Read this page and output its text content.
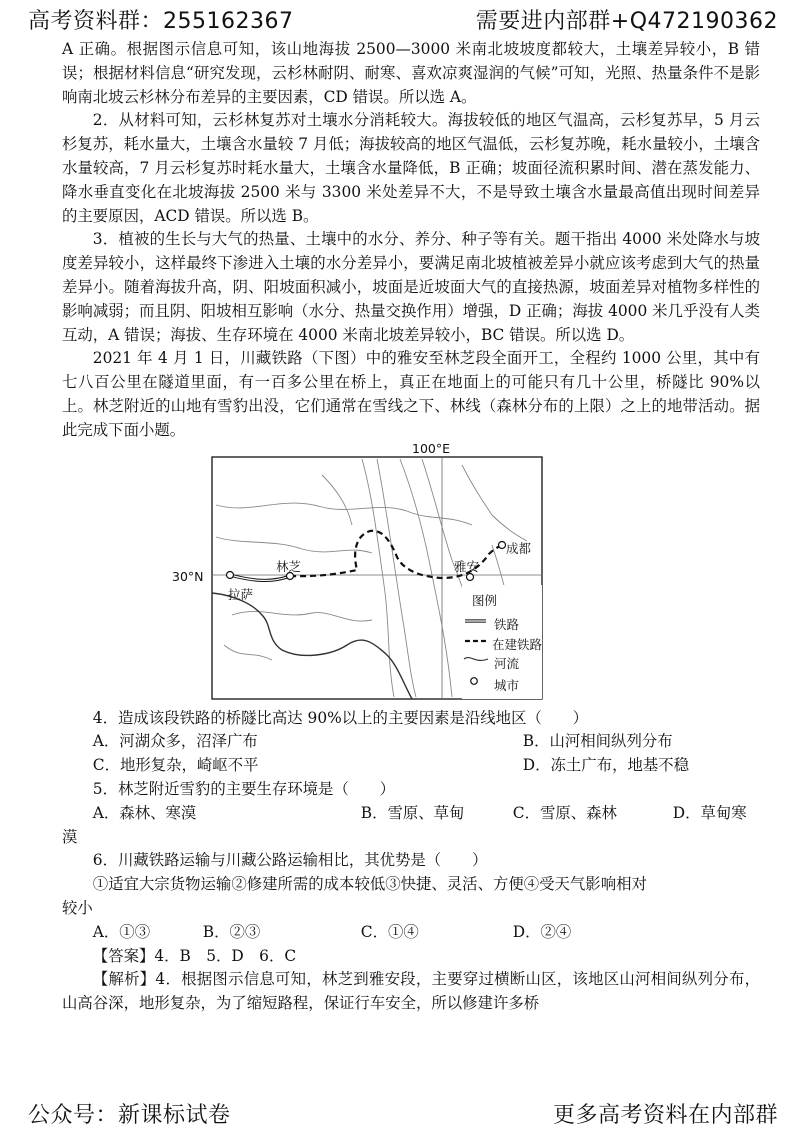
高考资料群：255162367	需要进内部群+Q472190362

A 正确。根据图示信息可知，该山地海拔 2500—3000 米南北坡坡度都较大，土壤差异较小，B 错误；根据材料信息“研究发现，云杉林耐阴、耐寒、喜欢凉爽湿润的气候”可知，光照、热量条件不是影响南北坡云杉林分布差异的主要因素，CD 错误。所以选 A。

2．从材料可知，云杉林复苏对土壤水分消耗较大。海拔较低的地区气温高，云杉复苏早，5 月云杉复苏，耗水量大，土壤含水量较 7 月低；海拔较高的地区气温低，云杉复苏晚，耗水量较小，土壤含水量较高，7 月云杉复苏时耗水量大，土壤含水量降低，B 正确；坡面径流积累时间、潜在蒸发能力、降水垂直变化在北坡海拔 2500 米与 3300 米处差异不大，不是导致土壤含水量最高值出现时间差异的主要原因，ACD 错误。所以选 B。

3．植被的生长与大气的热量、土壤中的水分、养分、种子等有关。题干指出 4000 米处降水与坡度差异较小，这样最终下渗进入土壤的水分差异小，要满足南北坡植被差异小就应该考虑到大气的热量差异小。随着海拔升高，阴、阳坡面积减小，坡面是近坡面大气的直接热源，坡面差异对植物多样性的影响减弱；而且阴、阳坡相互影响（水分、热量交换作用）增强，D 正确；海拔 4000 米几乎没有人类互动，A 错误；海拔、生存环境在 4000 米南北坡差异较小，BC 错误。所以选 D。

2021 年 4 月 1 日，川藏铁路（下图）中的雅安至林芝段全面开工，全程约 1000 公里，其中有七八百公里在隧道里面，有一百多公里在桥上，真正在地面上的可能只有几十公里，桥隧比 90%以上。林芝附近的山地有雪豹出没，它们通常在雪线之下、林线（森林分布的上限）之上的地带活动。据此完成下面小题。

100°E
30°N
拉萨
林芝	雅安
成都
图例
铁路
在建铁路
河流
城市

4．造成该段铁路的桥隧比高达 90%以上的主要因素是沿线地区（　　）

A．河湖众多，沼泽广布	B．山河相间纵列分布
C．地形复杂，崎岖不平	D．冻土广布，地基不稳

5．林芝附近雪豹的主要生存环境是（　　）

A．森林、寒漠	B．雪原、草甸	C．雪原、森林	D．草甸寒

漠

6．川藏铁路运输与川藏公路运输相比，其优势是（　　）

①适宜大宗货物运输②修建所需的成本较低③快捷、灵活、方便④受天气影响相对

较小

A．①③	B．②③	C．①④	D．②④

【答案】4．B　5．D　6．C

【解析】4．根据图示信息可知，林芝到雅安段，主要穿过横断山区，该地区山河相间纵列分布，山高谷深，地形复杂，为了缩短路程，保证行车安全，所以修建许多桥

公众号：新课标试卷	更多高考资料在内部群
